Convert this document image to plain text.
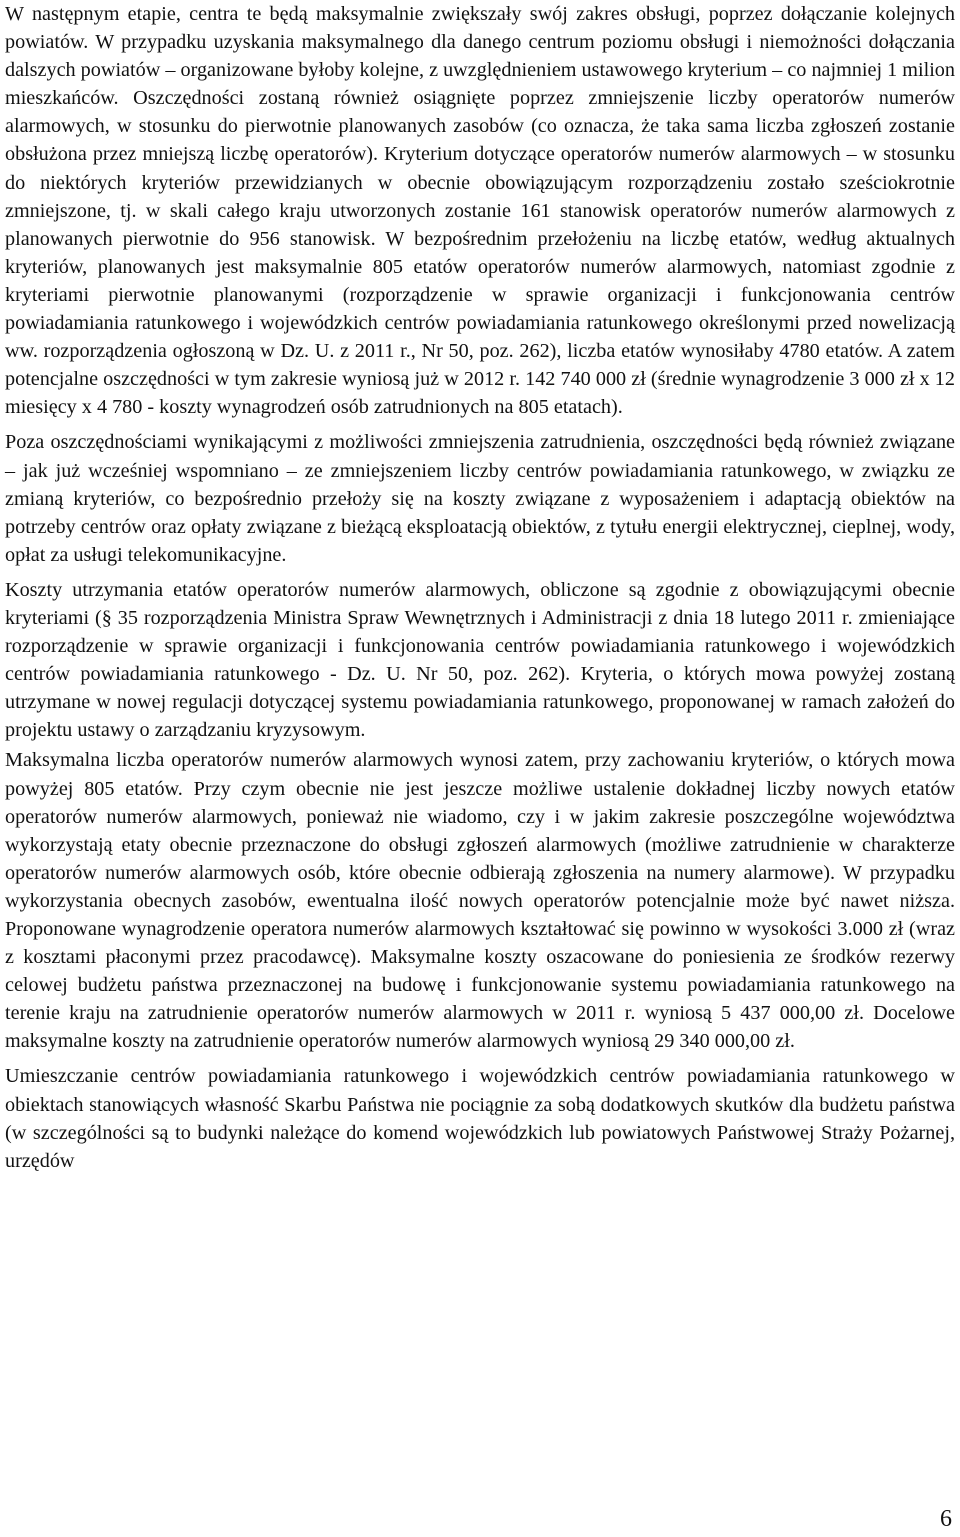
W następnym etapie, centra te będą maksymalnie zwiększały swój zakres obsługi, poprzez dołączanie kolejnych powiatów. W przypadku uzyskania maksymalnego dla danego centrum poziomu obsługi i niemożności dołączania dalszych powiatów – organizowane byłoby kolejne, z uwzględnieniem ustawowego kryterium – co najmniej 1 milion mieszkańców. Oszczędności zostaną również osiągnięte poprzez zmniejszenie liczby operatorów numerów alarmowych, w stosunku do pierwotnie planowanych zasobów (co oznacza, że taka sama liczba zgłoszeń zostanie obsłużona przez mniejszą liczbę operatorów). Kryterium dotyczące operatorów numerów alarmowych – w stosunku do niektórych kryteriów przewidzianych w obecnie obowiązującym rozporządzeniu zostało sześciokrotnie zmniejszone, tj. w skali całego kraju utworzonych zostanie 161 stanowisk operatorów numerów alarmowych z planowanych pierwotnie do 956 stanowisk. W bezpośrednim przełożeniu na liczbę etatów, według aktualnych kryteriów, planowanych jest maksymalnie 805 etatów operatorów numerów alarmowych, natomiast zgodnie z kryteriami pierwotnie planowanymi (rozporządzenie w sprawie organizacji i funkcjonowania centrów powiadamiania ratunkowego i wojewódzkich centrów powiadamiania ratunkowego określonymi przed nowelizacją ww. rozporządzenia ogłoszoną w Dz. U. z 2011 r., Nr 50, poz. 262), liczba etatów wynosiłaby 4780 etatów. A zatem potencjalne oszczędności w tym zakresie wyniosą już w 2012 r. 142 740 000 zł (średnie wynagrodzenie 3 000 zł x 12 miesięcy x 4 780 - koszty wynagrodzeń osób zatrudnionych na 805 etatach).

Poza oszczędnościami wynikającymi z możliwości zmniejszenia zatrudnienia, oszczędności będą również związane – jak już wcześniej wspomniano – ze zmniejszeniem liczby centrów powiadamiania ratunkowego, w związku ze zmianą kryteriów, co bezpośrednio przełoży się na koszty związane z wyposażeniem i adaptacją obiektów na potrzeby centrów oraz opłaty związane z bieżącą eksploatacją obiektów, z tytułu energii elektrycznej, cieplnej, wody, opłat za usługi telekomunikacyjne.

Koszty utrzymania etatów operatorów numerów alarmowych, obliczone są zgodnie z obowiązującymi obecnie kryteriami (§ 35 rozporządzenia Ministra Spraw Wewnętrznych i Administracji z dnia 18 lutego 2011 r. zmieniające rozporządzenie w sprawie organizacji i funkcjonowania centrów powiadamiania ratunkowego i wojewódzkich centrów powiadamiania ratunkowego - Dz. U. Nr 50, poz. 262). Kryteria, o których mowa powyżej zostaną utrzymane w nowej regulacji dotyczącej systemu powiadamiania ratunkowego, proponowanej w ramach założeń do projektu ustawy o zarządzaniu kryzysowym.

Maksymalna liczba operatorów numerów alarmowych wynosi zatem, przy zachowaniu kryteriów, o których mowa powyżej 805 etatów. Przy czym obecnie nie jest jeszcze możliwe ustalenie dokładnej liczby nowych etatów operatorów numerów alarmowych, ponieważ nie wiadomo, czy i w jakim zakresie poszczególne województwa wykorzystają etaty obecnie przeznaczone do obsługi zgłoszeń alarmowych (możliwe zatrudnienie w charakterze operatorów numerów alarmowych osób, które obecnie odbierają zgłoszenia na numery alarmowe). W przypadku wykorzystania obecnych zasobów, ewentualna ilość nowych operatorów potencjalnie może być nawet niższa. Proponowane wynagrodzenie operatora numerów alarmowych kształtować się powinno w wysokości 3.000 zł (wraz z kosztami płaconymi przez pracodawcę). Maksymalne koszty oszacowane do poniesienia ze środków rezerwy celowej budżetu państwa przeznaczonej na budowę i funkcjonowanie systemu powiadamiania ratunkowego na terenie kraju na zatrudnienie operatorów numerów alarmowych w 2011 r. wyniosą 5 437 000,00 zł. Docelowe maksymalne koszty na zatrudnienie operatorów numerów alarmowych wyniosą 29 340 000,00 zł.

Umieszczanie centrów powiadamiania ratunkowego i wojewódzkich centrów powiadamiania ratunkowego w obiektach stanowiących własność Skarbu Państwa nie pociągnie za sobą dodatkowych skutków dla budżetu państwa (w szczególności są to budynki należące do komend wojewódzkich lub powiatowych Państwowej Straży Pożarnej, urzędów

6
